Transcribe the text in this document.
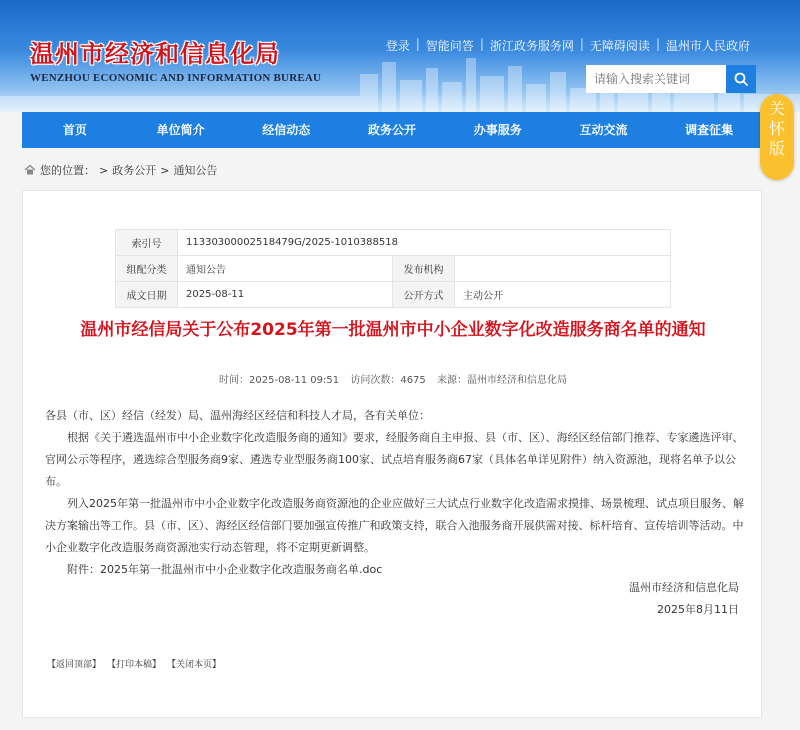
温州市经济和信息化局
WENZHOU ECONOMIC AND INFORMATION BUREAU
登录 | 智能问答 | 浙江政务服务网 | 无障碍阅读 | 温州市人民政府
请输入搜索关键词
首页	单位简介	经信动态	政务公开	办事服务	互动交流	调查征集
关
怀
版
您的位置： > 政务公开 > 通知公告
索引号	11330300002518479G/2025-1010388518		
组配分类	通知公告	发布机构	
成文日期	2025-08-11	公开方式	主动公开
温州市经信局关于公布2025年第一批温州市中小企业数字化改造服务商名单的通知
时间：2025-08-11 09:51 访问次数：4675 来源：温州市经济和信息化局

各县（市、区）经信（经发）局、温州海经区经信和科技人才局，各有关单位：

根据《关于遴选温州市中小企业数字化改造服务商的通知》要求，经服务商自主申报、县（市、区）、海经区经信部门推荐、专家遴选评审、官网公示等程序，遴选综合型服务商9家、遴选专业型服务商100家、试点培育服务商67家（具体名单详见附件）纳入资源池，现将名单予以公布。

列入2025年第一批温州市中小企业数字化改造服务商资源池的企业应做好三大试点行业数字化改造需求摸排、场景梳理、试点项目服务、解决方案输出等工作。县（市、区）、海经区经信部门要加强宣传推广和政策支持，联合入池服务商开展供需对接、标杆培育、宣传培训等活动。中小企业数字化改造服务商资源池实行动态管理，将不定期更新调整。

附件：2025年第一批温州市中小企业数字化改造服务商名单.doc

温州市经济和信息化局
2025年8月11日
【返回顶部】 【打印本稿】 【关闭本页】
